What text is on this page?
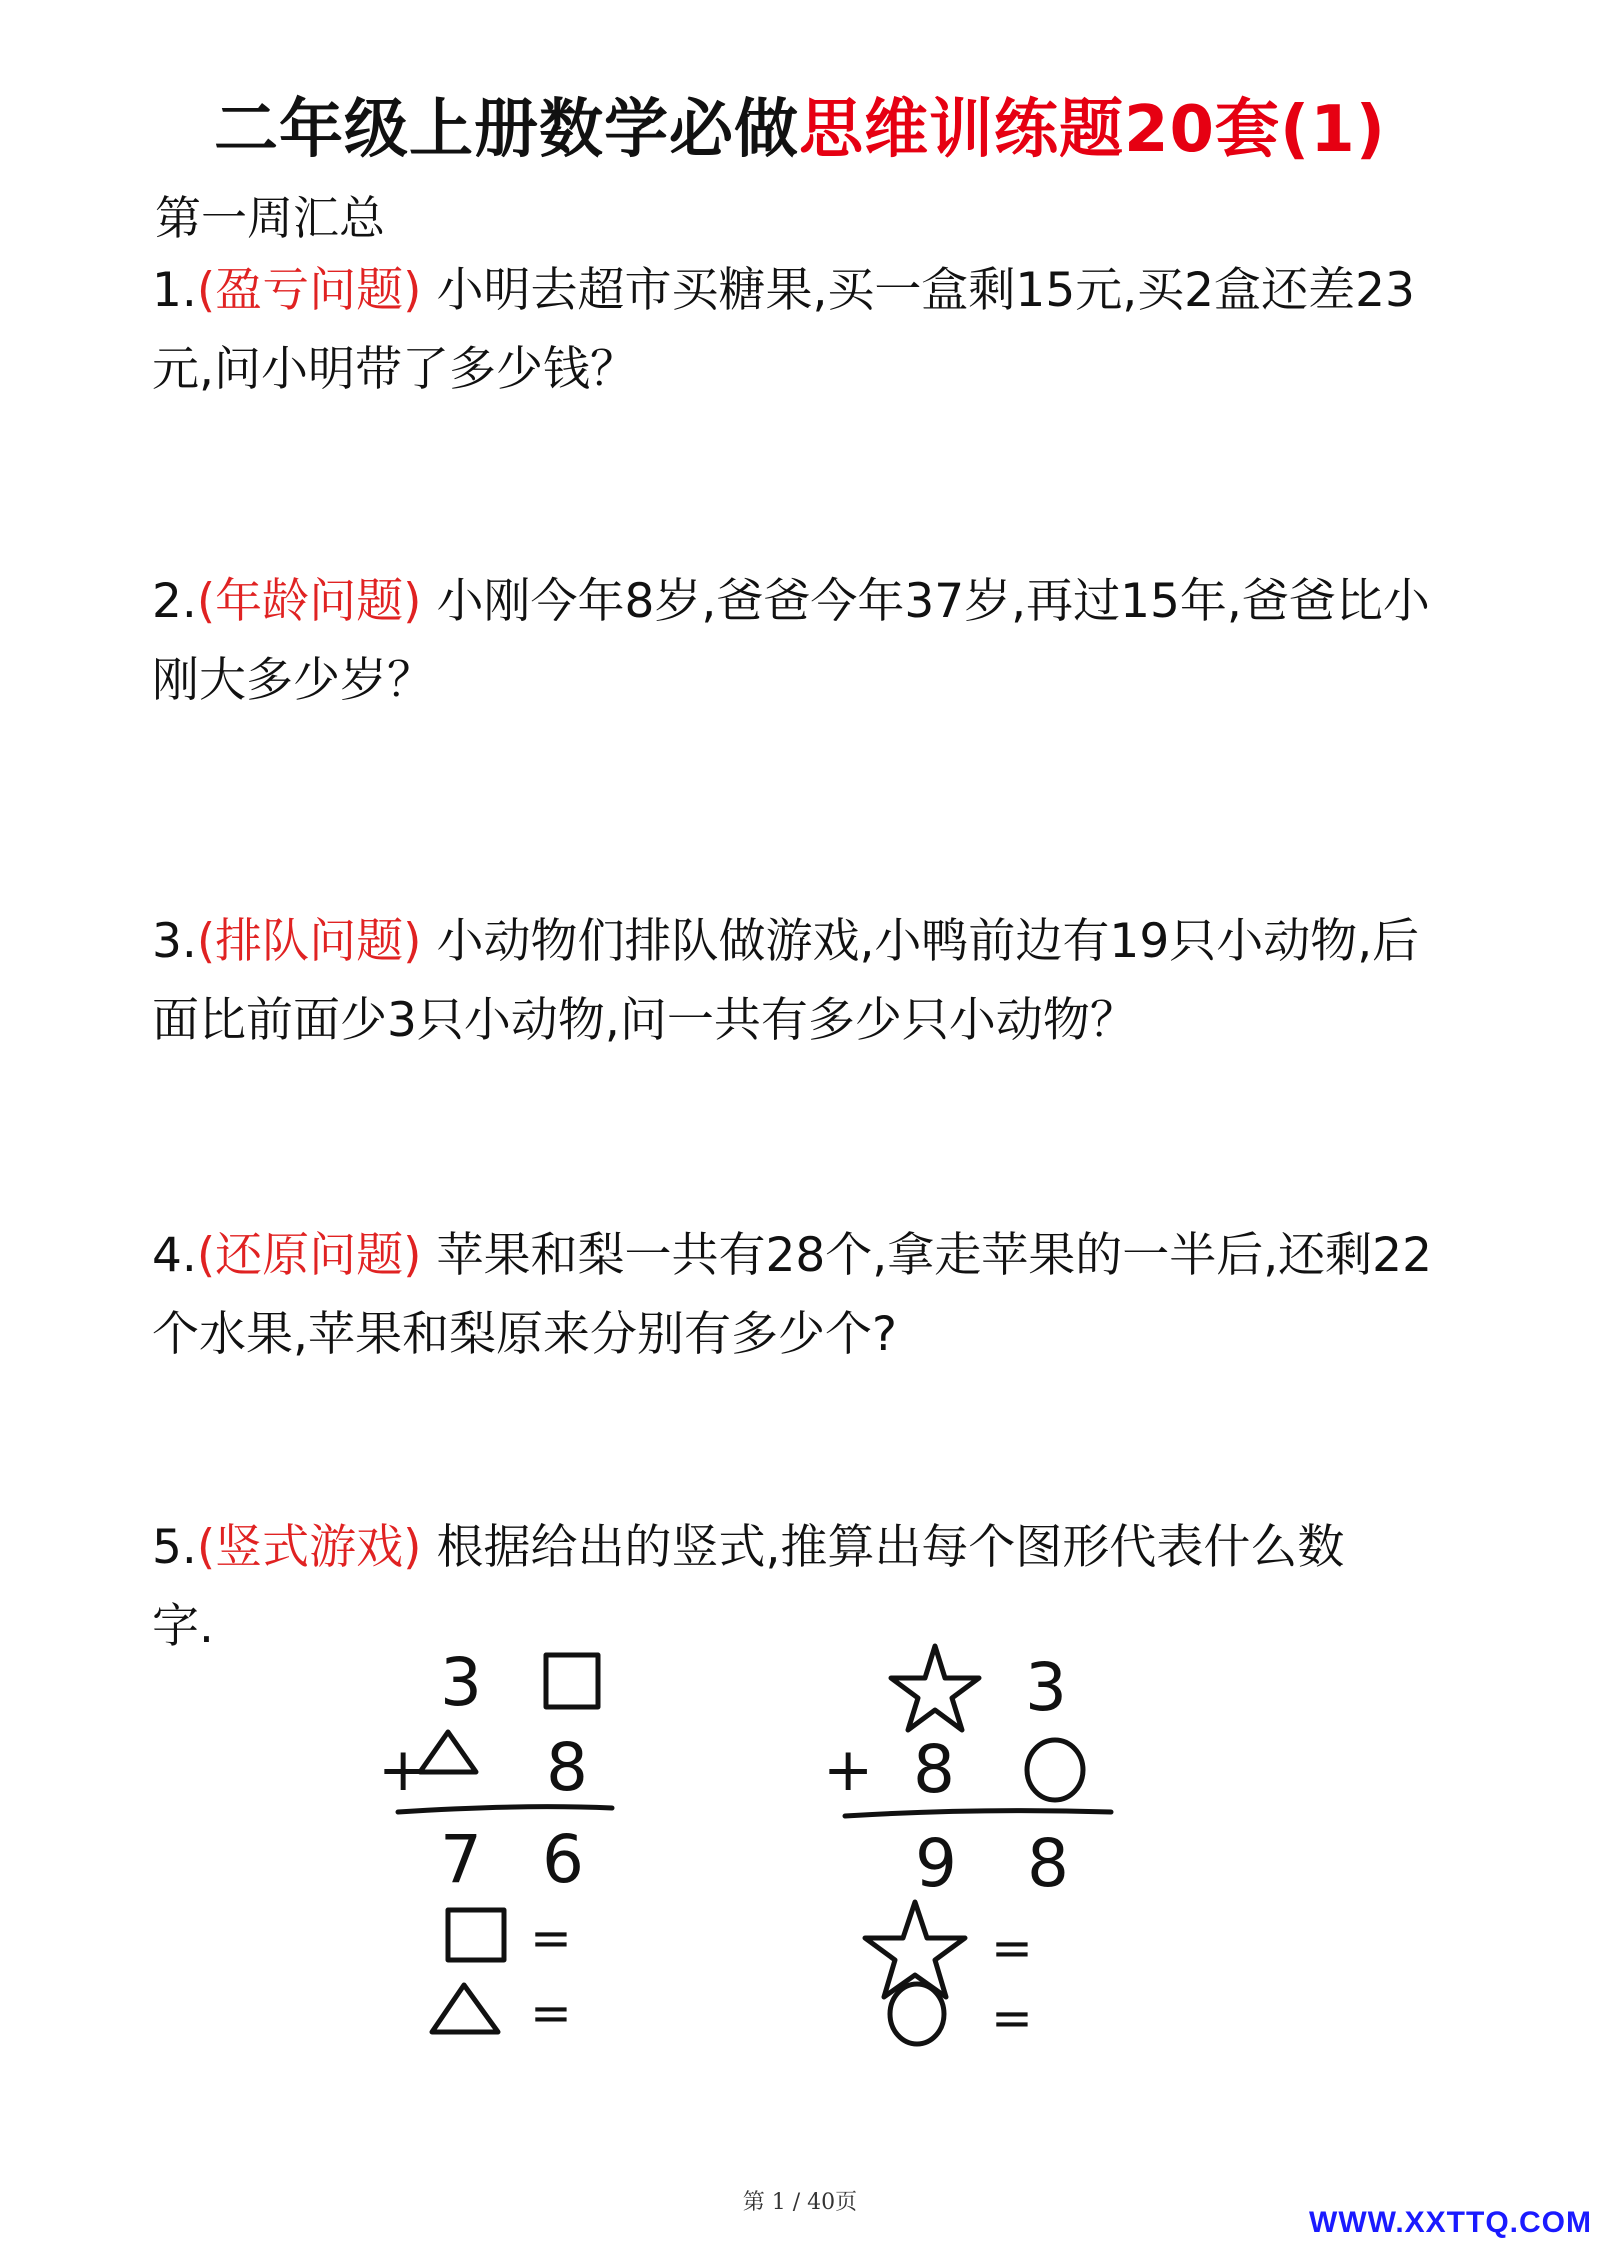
二年级上册数学必做思维训练题20套(1)
第一周汇总
1.(盈亏问题) 小明去超市买糖果,买一盒剩15元,买2盒还差23元,问小明带了多少钱？
2.(年龄问题) 小刚今年8岁,爸爸今年37岁,再过15年,爸爸比小刚大多少岁？
3.(排队问题) 小动物们排队做游戏,小鸭前边有19只小动物,后面比前面少3只小动物,问一共有多少只小动物？
4.(还原问题) 苹果和梨一共有28个,拿走苹果的一半后,还剩22个水果,苹果和梨原来分别有多少个?
5.(竖式游戏) 根据给出的竖式,推算出每个图形代表什么数字.
3
+ 8
7 6
=
=
3
+ 8
9 8
=
=
第 1 / 40页
WWW.XXTTQ.COM
